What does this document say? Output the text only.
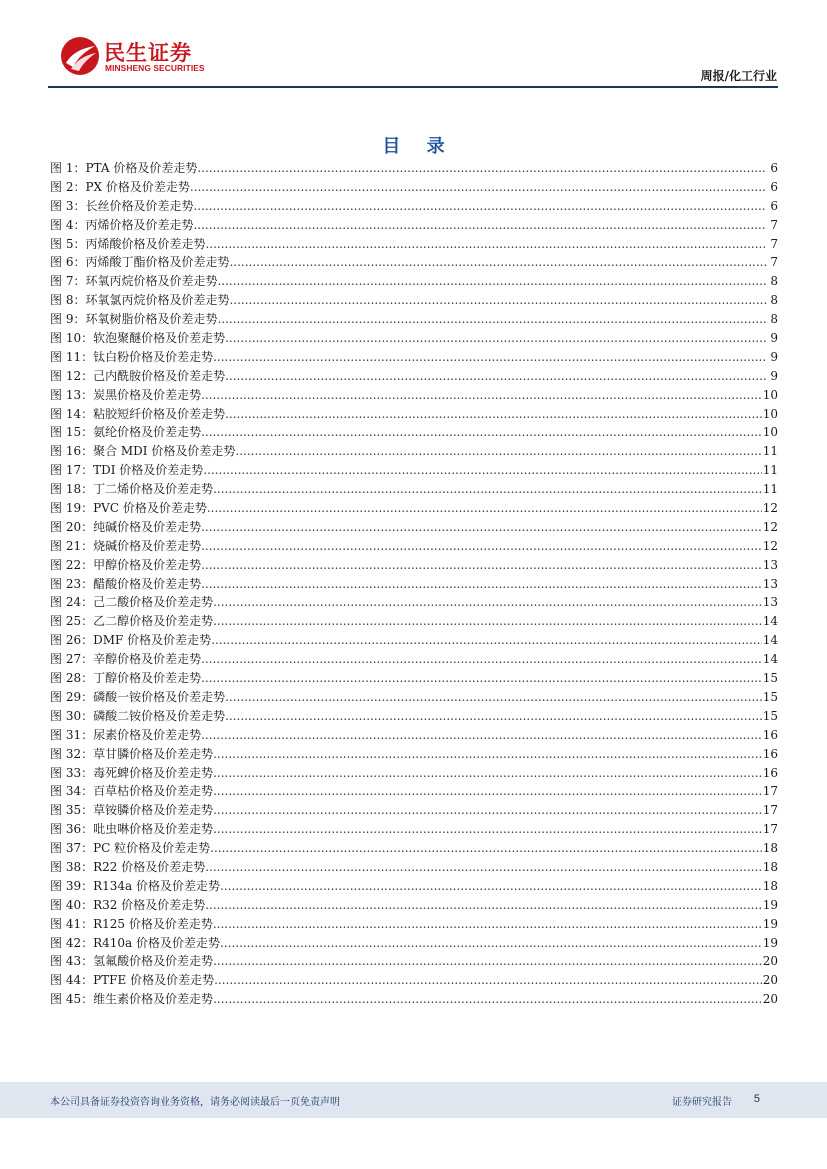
民生证券
MINSHENG SECURITIES
周报/化工行业
目 录
图 1：PTA 价格及价差走势 .....	6
图 2：PX 价格及价差走势 .....	6
图 3：长丝价格及价差走势 .....	6
图 4：丙烯价格及价差走势 .....	7
图 5：丙烯酸价格及价差走势 .....	7
图 6：丙烯酸丁酯价格及价差走势 .....	7
图 7：环氧丙烷价格及价差走势 .....	8
图 8：环氧氯丙烷价格及价差走势 .....	8
图 9：环氧树脂价格及价差走势 .....	8
图 10：软泡聚醚价格及价差走势 .....	9
图 11：钛白粉价格及价差走势 .....	9
图 12：己内酰胺价格及价差走势 .....	9
图 13：炭黑价格及价差走势 .....	10
图 14：粘胶短纤价格及价差走势 .....	10
图 15：氨纶价格及价差走势 .....	10
图 16：聚合 MDI 价格及价差走势 .....	11
图 17：TDI 价格及价差走势 .....	11
图 18：丁二烯价格及价差走势 .....	11
图 19：PVC 价格及价差走势 .....	12
图 20：纯碱价格及价差走势 .....	12
图 21：烧碱价格及价差走势 .....	12
图 22：甲醇价格及价差走势 .....	13
图 23：醋酸价格及价差走势 .....	13
图 24：己二酸价格及价差走势 .....	13
图 25：乙二醇价格及价差走势 .....	14
图 26：DMF 价格及价差走势 .....	14
图 27：辛醇价格及价差走势 .....	14
图 28：丁醇价格及价差走势 .....	15
图 29：磷酸一铵价格及价差走势 .....	15
图 30：磷酸二铵价格及价差走势 .....	15
图 31：尿素价格及价差走势 .....	16
图 32：草甘膦价格及价差走势 .....	16
图 33：毒死蜱价格及价差走势 .....	16
图 34：百草枯价格及价差走势 .....	17
图 35：草铵膦价格及价差走势 .....	17
图 36：吡虫啉价格及价差走势 .....	17
图 37：PC 粒价格及价差走势 .....	18
图 38：R22 价格及价差走势 .....	18
图 39：R134a 价格及价差走势 .....	18
图 40：R32 价格及价差走势 .....	19
图 41：R125 价格及价差走势 .....	19
图 42：R410a 价格及价差走势 .....	19
图 43：氢氟酸价格及价差走势 .....	20
图 44：PTFE 价格及价差走势 .....	20
图 45：维生素价格及价差走势 .....	20
本公司具备证券投资咨询业务资格，请务必阅读最后一页免责声明	证券研究报告 5
